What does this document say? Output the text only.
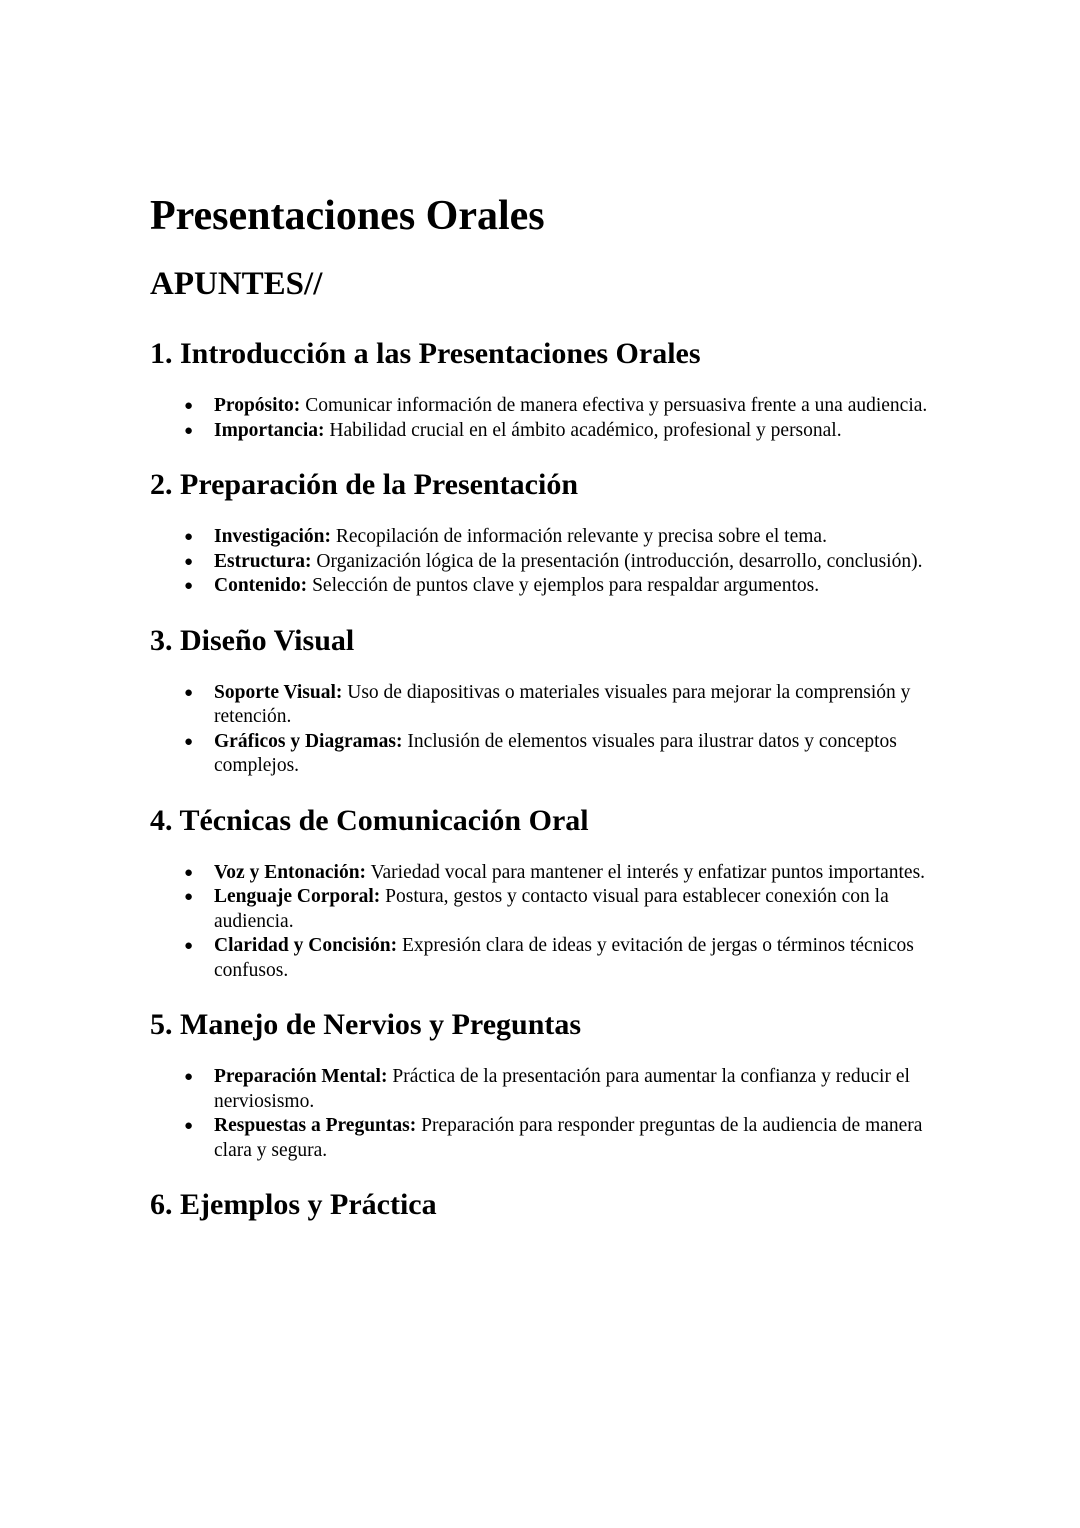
Presentaciones Orales
APUNTES//
1. Introducción a las Presentaciones Orales
● Propósito: Comunicar información de manera efectiva y persuasiva frente a una audiencia.
● Importancia: Habilidad crucial en el ámbito académico, profesional y personal.
2. Preparación de la Presentación
● Investigación: Recopilación de información relevante y precisa sobre el tema.
● Estructura: Organización lógica de la presentación (introducción, desarrollo, conclusión).
● Contenido: Selección de puntos clave y ejemplos para respaldar argumentos.
3. Diseño Visual
● Soporte Visual: Uso de diapositivas o materiales visuales para mejorar la comprensión y retención.
● Gráficos y Diagramas: Inclusión de elementos visuales para ilustrar datos y conceptos complejos.
4. Técnicas de Comunicación Oral
● Voz y Entonación: Variedad vocal para mantener el interés y enfatizar puntos importantes.
● Lenguaje Corporal: Postura, gestos y contacto visual para establecer conexión con la audiencia.
● Claridad y Concisión: Expresión clara de ideas y evitación de jergas o términos técnicos confusos.
5. Manejo de Nervios y Preguntas
● Preparación Mental: Práctica de la presentación para aumentar la confianza y reducir el nerviosismo.
● Respuestas a Preguntas: Preparación para responder preguntas de la audiencia de manera clara y segura.
6. Ejemplos y Práctica
